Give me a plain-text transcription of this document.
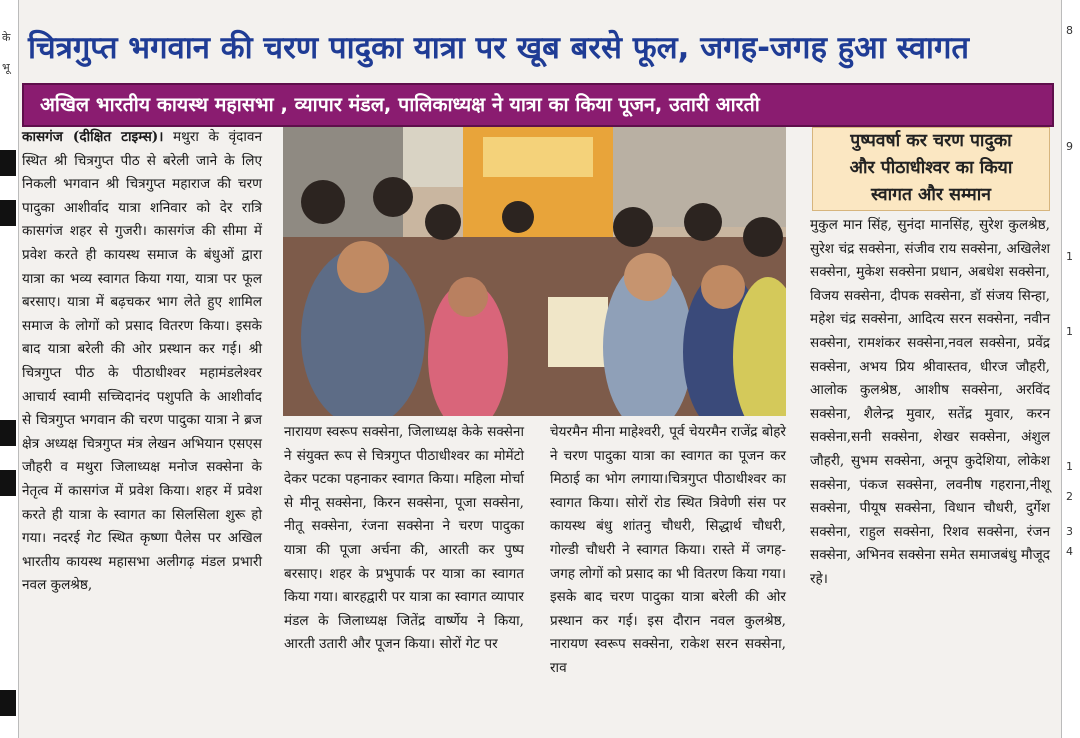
के
भू
8
9
1
1
1
2
3
4
चित्रगुप्त भगवान की चरण पादुका यात्रा पर खूब बरसे फूल, जगह-जगह हुआ स्वागत
अखिल भारतीय कायस्थ महासभा , व्यापार मंडल, पालिकाध्यक्ष ने यात्रा का किया पूजन, उतारी आरती
कासगंज (दीक्षित टाइम्स)। मथुरा के वृंदावन स्थित श्री चित्रगुप्त पीठ से बरेली जाने के लिए निकली भगवान श्री चित्रगुप्त महाराज की चरण पादुका आशीर्वाद यात्रा शनिवार को देर रात्रि कासगंज शहर से गुजरी। कासगंज की सीमा में प्रवेश करते ही कायस्थ समाज के बंधुओं द्वारा यात्रा का भव्य स्वागत किया गया, यात्रा पर फूल बरसाए। यात्रा में बढ़चकर भाग लेते हुए शामिल समाज के लोगों को प्रसाद वितरण किया। इसके बाद यात्रा बरेली की ओर प्रस्थान कर गई। श्री चित्रगुप्त पीठ के पीठाधीश्वर महामंडलेश्वर आचार्य स्वामी सच्चिदानंद पशुपति के आशीर्वाद से चित्रगुप्त भगवान की चरण पादुका यात्रा ने ब्रज क्षेत्र अध्यक्ष चित्रगुप्त मंत्र लेखन अभियान एसएस जौहरी व मथुरा जिलाध्यक्ष मनोज सक्सेना के नेतृत्व में कासगंज में प्रवेश किया। शहर में प्रवेश करते ही यात्रा के स्वागत का सिलसिला शुरू हो गया। नदरई गेट स्थित कृष्णा पैलेस पर अखिल भारतीय कायस्थ महासभा अलीगढ़ मंडल प्रभारी नवल कुलश्रेष्ठ,
नारायण स्वरूप सक्सेना, जिलाध्यक्ष केके सक्सेना ने संयुक्त रूप से चित्रगुप्त पीठाधीश्वर का मोमेंटो देकर पटका पहनाकर स्वागत किया। महिला मोर्चा से मीनू सक्सेना, किरन सक्सेना, पूजा सक्सेना, नीतू सक्सेना, रंजना सक्सेना ने चरण पादुका यात्रा की पूजा अर्चना की, आरती कर पुष्प बरसाए। शहर के प्रभुपार्क पर यात्रा का स्वागत किया गया। बारहद्वारी पर यात्रा का स्वागत व्यापार मंडल के जिलाध्यक्ष जितेंद्र वार्ष्णेय ने किया, आरती उतारी और पूजन किया। सोरों गेट पर
चेयरमैन मीना माहेश्वरी, पूर्व चेयरमैन राजेंद्र बोहरे ने चरण पादुका यात्रा का स्वागत का पूजन कर मिठाई का भोग लगाया।चित्रगुप्त पीठाधीश्वर का स्वागत किया। सोरों रोड स्थित त्रिवेणी संस पर कायस्थ बंधु शांतनु चौधरी, सिद्धार्थ चौधरी, गोल्डी चौधरी ने स्वागत किया। रास्ते में जगह-जगह लोगों को प्रसाद का भी वितरण किया गया। इसके बाद चरण पादुका यात्रा बरेली की ओर प्रस्थान कर गई। इस दौरान नवल कुलश्रेष्ठ, नारायण स्वरूप सक्सेना, राकेश सरन सक्सेना, राव
पुष्पवर्षा कर चरण पादुका
और पीठाधीश्वर का किया
स्वागत और सम्मान
मुकुल मान सिंह, सुनंदा मानसिंह, सुरेश कुलश्रेष्ठ, सुरेश चंद्र सक्सेना, संजीव राय सक्सेना, अखिलेश सक्सेना, मुकेश सक्सेना प्रधान, अबधेश सक्सेना, विजय सक्सेना, दीपक सक्सेना, डॉ संजय सिन्हा, महेश चंद्र सक्सेना, आदित्य सरन सक्सेना, नवीन सक्सेना, रामशंकर सक्सेना,नवल सक्सेना, प्रवेंद्र सक्सेना, अभय प्रिय श्रीवास्तव, धीरज जौहरी, आलोक कुलश्रेष्ठ, आशीष सक्सेना, अरविंद सक्सेना, शैलेन्द्र मुवार, सतेंद्र मुवार, करन सक्सेना,सनी सक्सेना, शेखर सक्सेना, अंशुल जौहरी, सुभम सक्सेना, अनूप कुदेशिया, लोकेश सक्सेना, पंकज सक्सेना, लवनीष गहराना,नीशू सक्सेना, पीयूष सक्सेना, विधान चौधरी, दुर्गेश सक्सेना, राहुल सक्सेना, रिशव सक्सेना, रंजन सक्सेना, अभिनव सक्सेना समेत समाजबंधु मौजूद रहे।
